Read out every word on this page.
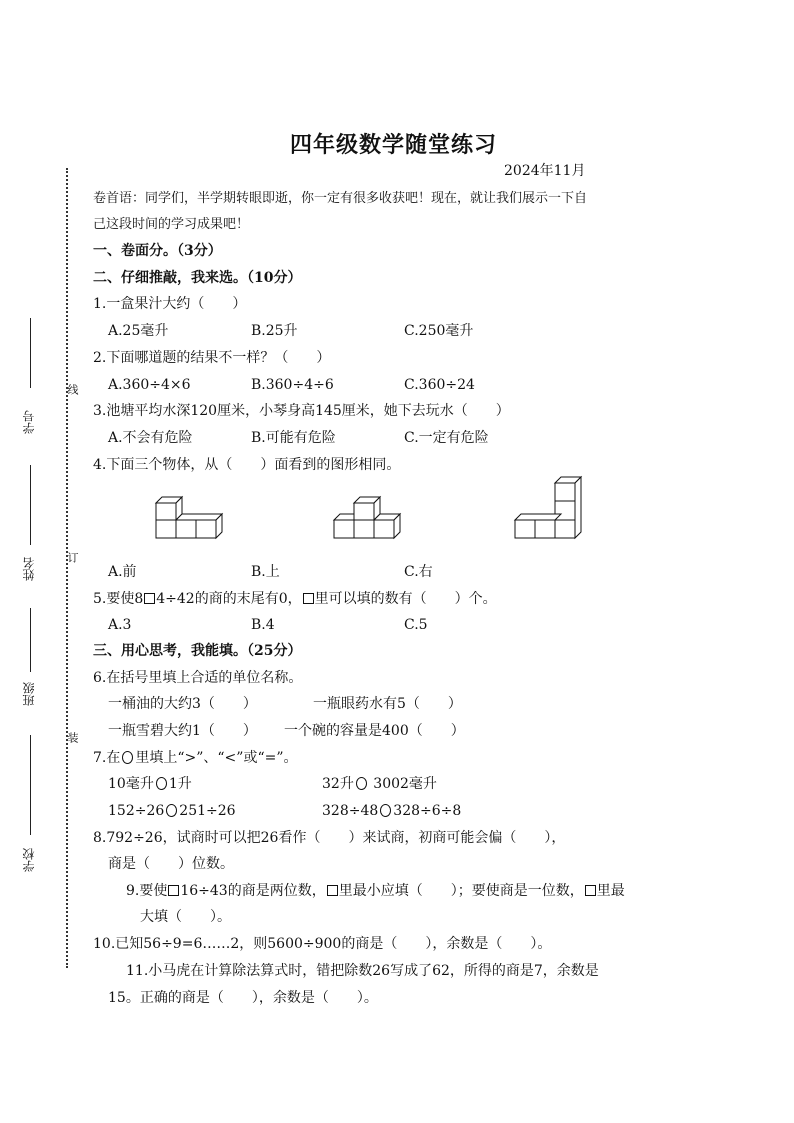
线
订
装
学号
姓名
班级
学校
四年级数学随堂练习
2024年11月
卷首语：同学们，半学期转眼即逝，你一定有很多收获吧！现在，就让我们展示一下自
己这段时间的学习成果吧！
一、卷面分。（3分）
二、仔细推敲，我来选。（10分）
1.一盒果汁大约（　　）
A.25毫升	B.25升	C.250毫升
2.下面哪道题的结果不一样？（　　）
A.360÷4×6	B.360÷4÷6	C.360÷24
3.池塘平均水深120厘米，小琴身高145厘米，她下去玩水（　　）
A.不会有危险	B.可能有危险	C.一定有危险
4.下面三个物体，从（　　）面看到的图形相同。
A.前	B.上	C.右
5.要使8 4÷42的商的末尾有0， 里可以填的数有（　　）个。
A.3	B.4	C.5
三、用心思考，我能填。（25分）
6.在括号里填上合适的单位名称。
一桶油的大约3（　　）	一瓶眼药水有5（　　）
一瓶雪碧大约1（　　） 一个碗的容量是400（　　）
7.在 里填上“>”、“<”或“=”。
10毫升 1升	32升 3002毫升
152÷26 251÷26	328÷48 328÷6÷8
8.792÷26，试商时可以把26看作（　　）来试商，初商可能会偏（　　），
商是（　　）位数。
9.要使 16÷43的商是两位数， 里最小应填（　　）；要使商是一位数， 里最
大填（　　）。
10.已知56÷9=6……2，则5600÷900的商是（　　），余数是（　　）。
11.小马虎在计算除法算式时，错把除数26写成了62，所得的商是7，余数是
15。正确的商是（　　），余数是（　　）。
